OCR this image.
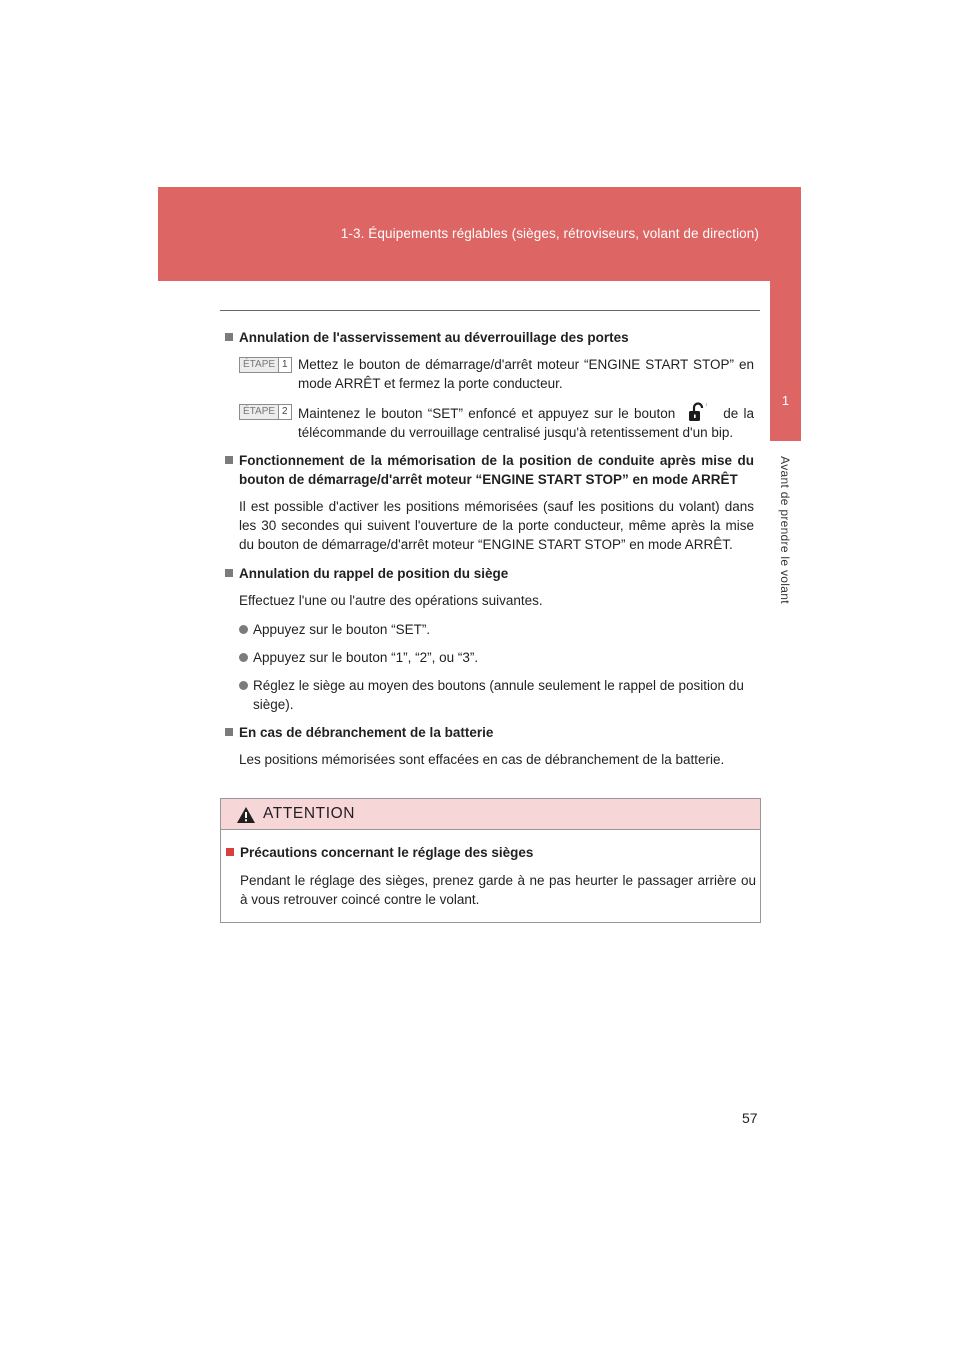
1-3. Équipements réglables (sièges, rétroviseurs, volant de direction)
1
Avant de prendre le volant
Annulation de l'asservissement au déverrouillage des portes
ÉTAPE 1 Mettez le bouton de démarrage/d'arrêt moteur “ENGINE START STOP” en mode ARRÊT et fermez la porte conducteur.
ÉTAPE 2 Maintenez le bouton “SET” enfoncé et appuyez sur le bouton	de la télécommande du verrouillage centralisé jusqu'à retentissement d'un bip.
Fonctionnement de la mémorisation de la position de conduite après mise du bouton de démarrage/d'arrêt moteur “ENGINE START STOP” en mode ARRÊT
Il est possible d'activer les positions mémorisées (sauf les positions du volant) dans les 30 secondes qui suivent l'ouverture de la porte conducteur, même après la mise du bouton de démarrage/d'arrêt moteur “ENGINE START STOP” en mode ARRÊT.
Annulation du rappel de position du siège
Effectuez l'une ou l'autre des opérations suivantes.
Appuyez sur le bouton “SET”.
Appuyez sur le bouton “1”, “2”, ou “3”.
Réglez le siège au moyen des boutons (annule seulement le rappel de position du siège).
En cas de débranchement de la batterie
Les positions mémorisées sont effacées en cas de débranchement de la batterie.
ATTENTION
Précautions concernant le réglage des sièges

Pendant le réglage des sièges, prenez garde à ne pas heurter le passager arrière ou à vous retrouver coincé contre le volant.

57
